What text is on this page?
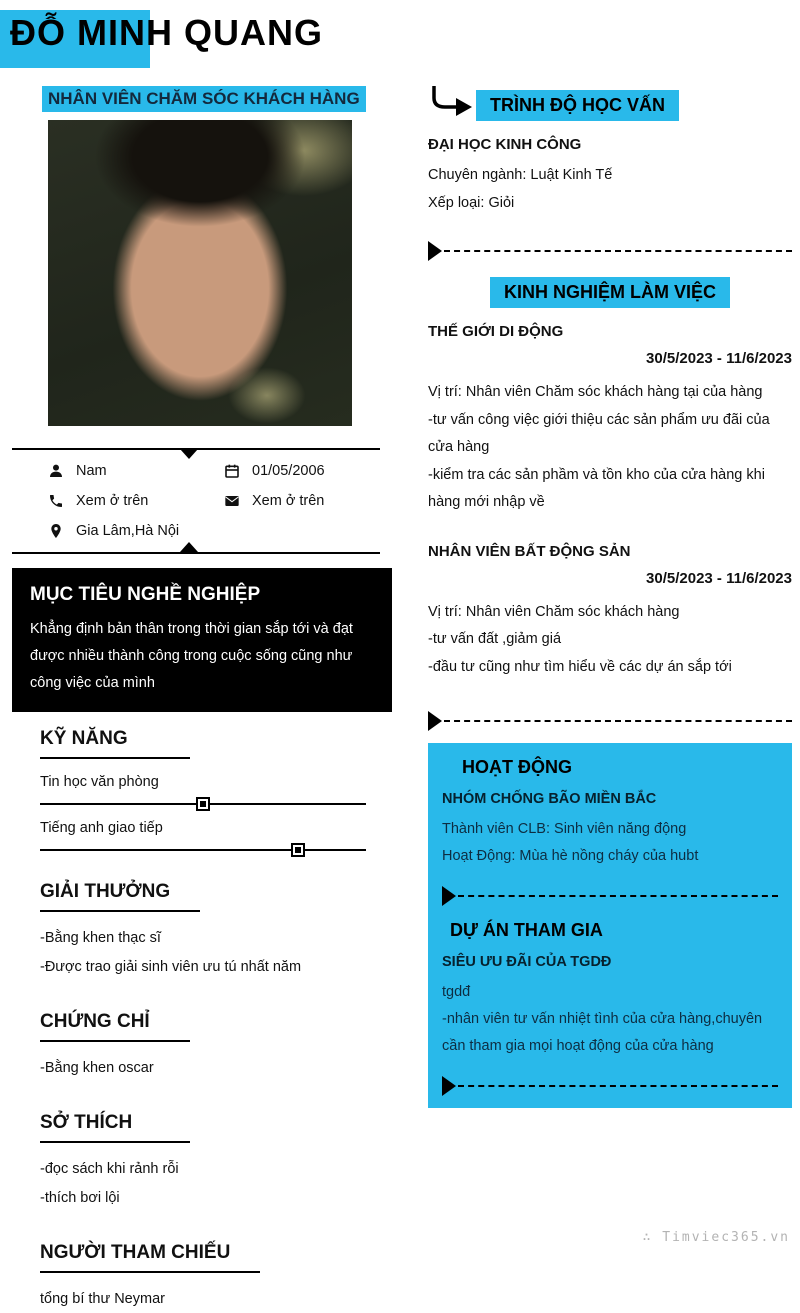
ĐỖ MINH QUANG
NHÂN VIÊN CHĂM SÓC KHÁCH HÀNG
Nam	01/05/2006
Xem ở trên	Xem ở trên
Gia Lâm,Hà Nội
MỤC TIÊU NGHỀ NGHIỆP

Khẳng định bản thân trong thời gian sắp tới và đạt được nhiều thành công trong cuộc sống cũng như công việc của mình

KỸ NĂNG
Tin học văn phòng
Tiếng anh giao tiếp
GIẢI THƯỞNG

-Bằng khen thạc sĩ

-Được trao giải sinh viên ưu tú nhất năm

CHỨNG CHỈ

-Bằng khen oscar

SỞ THÍCH

-đọc sách khi rảnh rỗi

-thích bơi lội

NGƯỜI THAM CHIẾU

tổng bí thư Neymar

TRÌNH ĐỘ HỌC VẤN
ĐẠI HỌC KINH CÔNG

Chuyên ngành: Luật Kinh Tế

Xếp loại: Giỏi

KINH NGHIỆM LÀM VIỆC
THẾ GIỚI DI ĐỘNG
30/5/2023 - 11/6/2023

Vị trí: Nhân viên Chăm sóc khách hàng tại của hàng

-tư vấn công việc giới thiệu các sản phẩm ưu đãi của cửa hàng

-kiểm tra các sản phầm và tồn kho của cửa hàng khi hàng mới nhập về

NHÂN VIÊN BẤT ĐỘNG SẢN
30/5/2023 - 11/6/2023

Vị trí: Nhân viên Chăm sóc khách hàng

-tư vấn đất ,giảm giá

-đầu tư cũng như tìm hiểu về các dự án sắp tới

HOẠT ĐỘNG
NHÓM CHỐNG BÃO MIỀN BẮC

Thành viên CLB: Sinh viên năng động

Hoạt Động: Mùa hè nồng cháy của hubt

DỰ ÁN THAM GIA
SIÊU ƯU ĐÃI CỦA TGDĐ

tgdđ

-nhân viên tư vấn nhiệt tình của cửa hàng,chuyên cần tham gia mọi hoạt động của cửa hàng

∴ Timviec365.vn
